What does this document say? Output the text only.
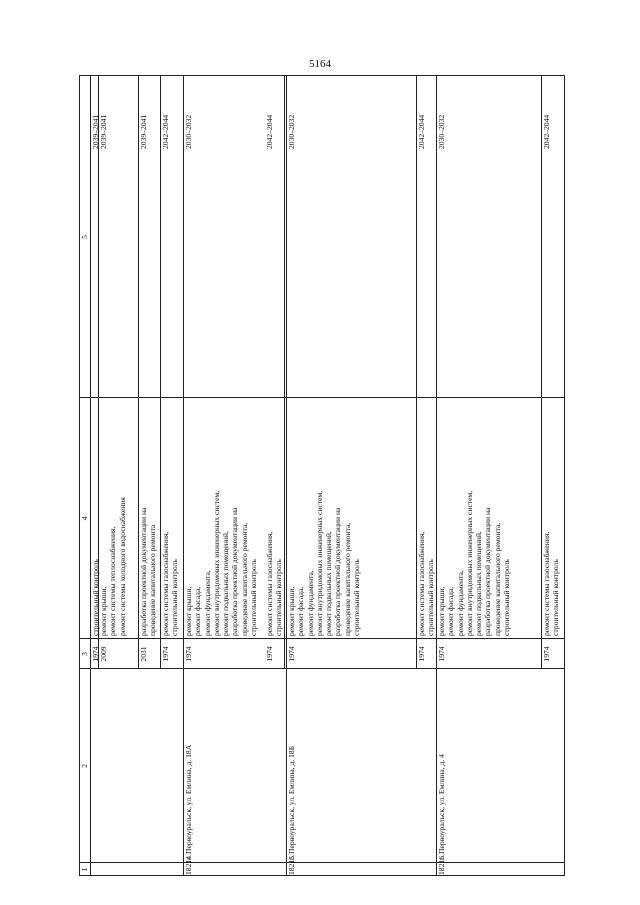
5164
1
2
3
4
5
1974
строительный контроль
2039–2041
2009
ремонт крыши,
ремонт системы теплоснабжения,
ремонт системы холодного водоснабжения
2039–2041
2031
разработка проектной документации на
проведение капитального ремонта
2039–2041
1974
ремонт системы газоснабжения,
строительный контроль
2042–2044
18214.
г. Первоуральск, ул. Емлина, д. 18А
1974
ремонт крыши,
ремонт фасада,
ремонт фундамента,
ремонт внутридомовых инженерных систем,
ремонт подвальных помещений,
разработка проектной документации на
проведение капитального ремонта,
строительный контроль
2030–2032
1974
ремонт системы газоснабжения,
строительный контроль
2042–2044
18215.
г. Первоуральск, ул. Емлина, д. 18Б
1974
ремонт крыши,
ремонт фасада,
ремонт фундамента,
ремонт внутридомовых инженерных систем,
ремонт подвальных помещений,
разработка проектной документации на
проведение капитального ремонта,
строительный контроль
2030–2032
1974
ремонт системы газоснабжения,
строительный контроль
2042–2044
18216.
г. Первоуральск, ул. Емлина, д. 4
1974
ремонт крыши,
ремонт фасада,
ремонт фундамента,
ремонт внутридомовых инженерных систем,
ремонт подвальных помещений,
разработка проектной документации на
проведение капитального ремонта,
строительный контроль
2030–2032
1974
ремонт системы газоснабжения,
строительный контроль
2042–2044
